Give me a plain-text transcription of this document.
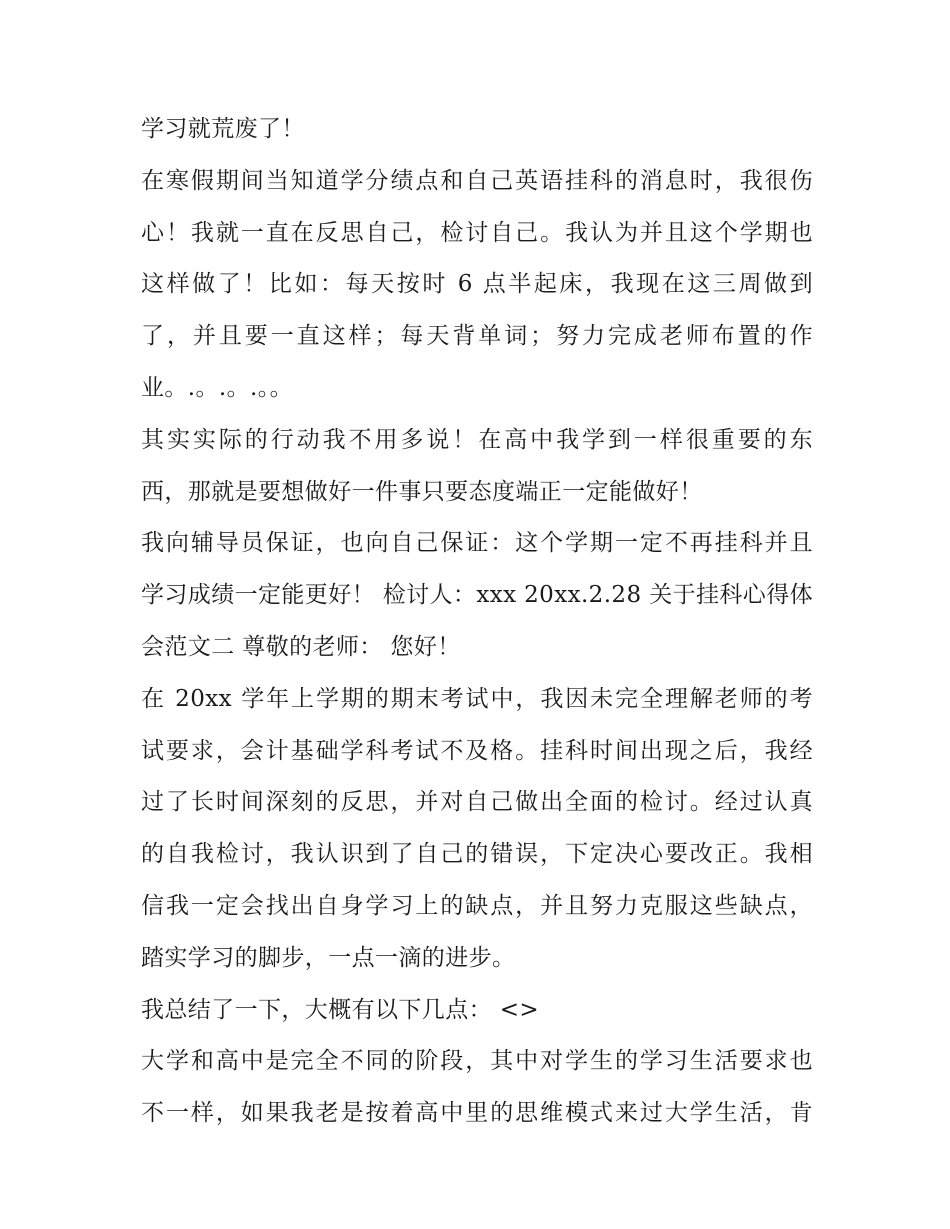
学习就荒废了！
在寒假期间当知道学分绩点和自己英语挂科的消息时，我很伤
心！我就一直在反思自己，检讨自己。我认为并且这个学期也
这样做了！比如：每天按时 6 点半起床，我现在这三周做到
了，并且要一直这样；每天背单词；努力完成老师布置的作
业。.。.。.。。
其实实际的行动我不用多说！在高中我学到一样很重要的东
西，那就是要想做好一件事只要态度端正一定能做好！
我向辅导员保证，也向自己保证：这个学期一定不再挂科并且
学习成绩一定能更好！ 检讨人：xxx 20xx.2.28 关于挂科心得体
会范文二 尊敬的老师： 您好！
在 20xx 学年上学期的期末考试中，我因未完全理解老师的考
试要求，会计基础学科考试不及格。挂科时间出现之后，我经
过了长时间深刻的反思，并对自己做出全面的检讨。经过认真
的自我检讨，我认识到了自己的错误，下定决心要改正。我相
信我一定会找出自身学习上的缺点，并且努力克服这些缺点，
踏实学习的脚步，一点一滴的进步。
我总结了一下，大概有以下几点： <>
大学和高中是完全不同的阶段，其中对学生的学习生活要求也
不一样，如果我老是按着高中里的思维模式来过大学生活，肯
